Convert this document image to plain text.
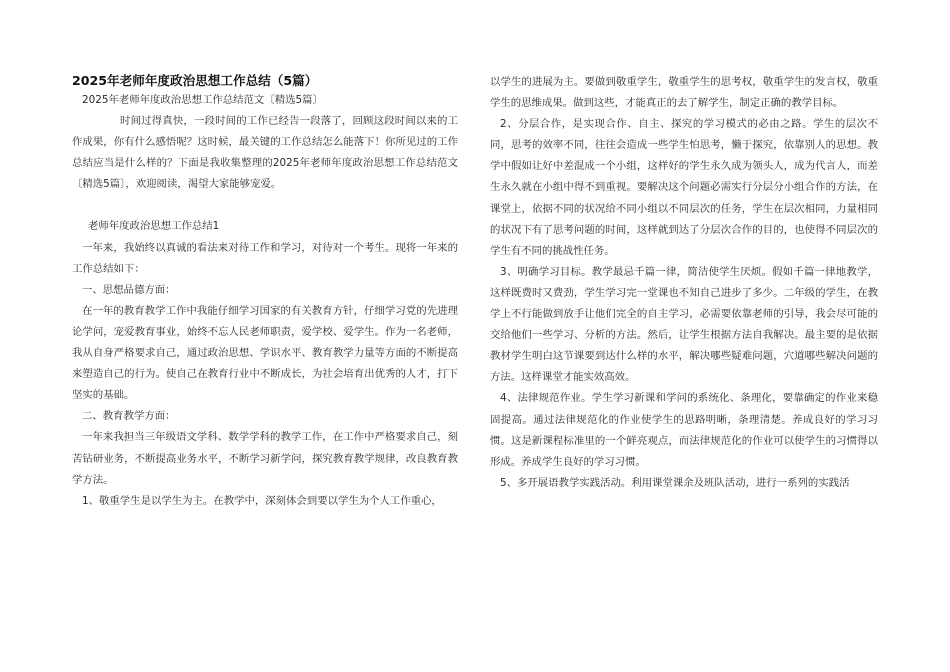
2025年老师年度政治思想工作总结（5篇）

2025年老师年度政治思想工作总结范文〔精选5篇〕

时间过得真快，一段时间的工作已经告一段落了，回顾这段时间以来的工作成果，你有什么感悟呢？这时候，最关键的工作总结怎么能落下！你所见过的工作总结应当是什么样的？下面是我收集整理的2025年老师年度政治思想工作总结范文〔精选5篇〕，欢迎阅读，渴望大家能够宠爱。

老师年度政治思想工作总结1

一年来，我始终以真诚的看法来对待工作和学习，对待对一个考生。现将一年来的工作总结如下：

一、思想品德方面：

在一年的教育教学工作中我能仔细学习国家的有关教育方针，仔细学习党的先进理论学问，宠爱教育事业，始终不忘人民老师职责，爱学校、爱学生。作为一名老师，我从自身严格要求自己，通过政治思想、学识水平、教育教学力量等方面的不断提高来塑造自己的行为。使自己在教育行业中不断成长，为社会培育出优秀的人才，打下坚实的基础。

二、教育教学方面：

一年来我担当三年级语文学科、数学学科的教学工作，在工作中严格要求自己，刻苦钻研业务，不断提高业务水平，不断学习新学问，探究教育教学规律，改良教育教学方法。

1、敬重学生是以学生为主。在教学中，深刻体会到要以学生为个人工作重心，

以学生的进展为主。要做到敬重学生，敬重学生的思考权，敬重学生的发言权，敬重学生的思维成果。做到这些，才能真正的去了解学生，制定正确的教学目标。

2、分层合作，是实现合作、自主、探究的学习模式的必由之路。学生的层次不同，思考的效率不同，往往会造成一些学生怕思考，懒于探究，依靠别人的思想。教学中假如让好中差混成一个小组，这样好的学生永久成为领头人，成为代言人，而差生永久就在小组中得不到重视。要解决这个问题必需实行分层分小组合作的方法，在课堂上，依据不同的状况给不同小组以不同层次的任务，学生在层次相同，力量相同的状况下有了思考问题的时间，这样就到达了分层次合作的目的，也使得不同层次的学生有不同的挑战性任务。

3、明确学习目标。教学最忌千篇一律，简洁使学生厌烦。假如千篇一律地教学，这样既费时又费劲，学生学习完一堂课也不知自己进步了多少。二年级的学生，在教学上不行能做到放手让他们完全的自主学习，必需要依靠老师的引导，我会尽可能的交给他们一些学习、分析的方法。然后，让学生根据方法自我解决。最主要的是依据教材学生明白这节课要到达什么样的水平，解决哪些疑难问题，穴道哪些解决问题的方法。这样课堂才能实效高效。

4、法律规范作业。学生学习新课和学问的系统化、条理化，要靠确定的作业来稳固提高。通过法律规范化的作业使学生的思路明晰，条理清楚。养成良好的学习习惯。这是新课程标准里的一个鲜亮观点，而法律规范化的作业可以使学生的习惯得以形成。养成学生良好的学习习惯。

5、多开展语教学实践活动。利用课堂课余及班队活动，进行一系列的实践活
